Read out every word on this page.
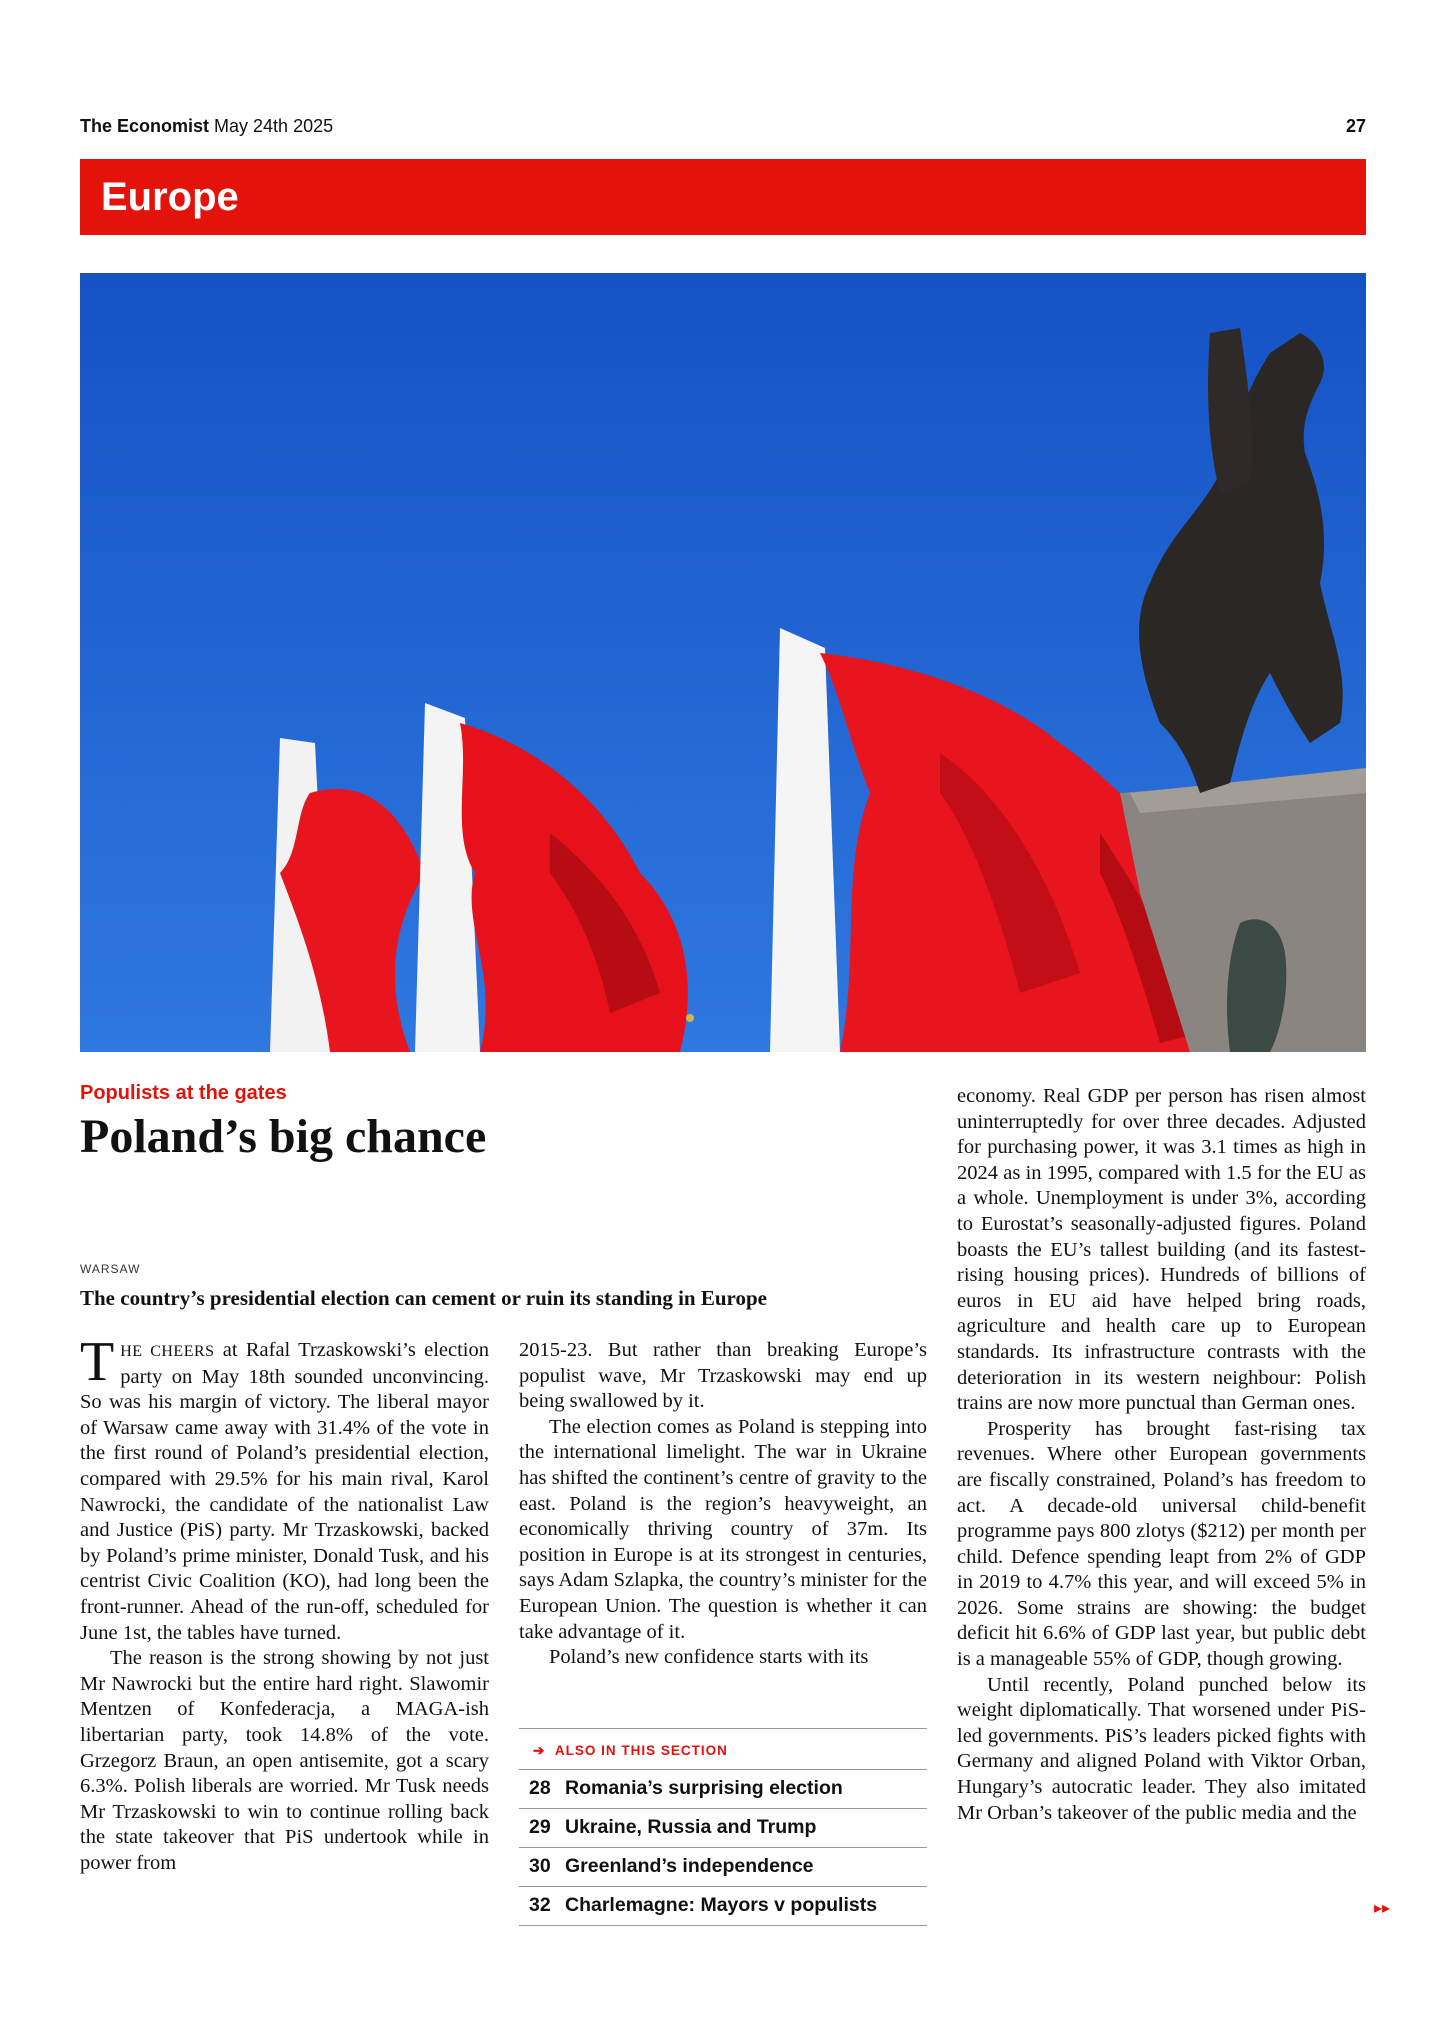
The Economist May 24th 2025	27
Europe
Populists at the gates
Poland’s big chance
WARSAW
The country’s presidential election can cement or ruin its standing in Europe

THE CHEERS at Rafal Trzaskowski’s election party on May 18th sounded unconvincing. So was his margin of victory. The liberal mayor of Warsaw came away with 31.4% of the vote in the first round of Poland’s presidential election, compared with 29.5% for his main rival, Karol Nawrocki, the candidate of the nationalist Law and Justice (PiS) party. Mr Trzaskowski, backed by Poland’s prime minister, Donald Tusk, and his centrist Civic Coalition (KO), had long been the front-runner. Ahead of the run-off, scheduled for June 1st, the tables have turned.

The reason is the strong showing by not just Mr Nawrocki but the entire hard right. Slawomir Mentzen of Konfederacja, a MAGA-ish libertarian party, took 14.8% of the vote. Grzegorz Braun, an open antisemite, got a scary 6.3%. Polish liberals are worried. Mr Tusk needs Mr Trzaskowski to win to continue rolling back the state takeover that PiS undertook while in power from

2015-23. But rather than breaking Europe’s populist wave, Mr Trzaskowski may end up being swallowed by it.

The election comes as Poland is stepping into the international limelight. The war in Ukraine has shifted the continent’s centre of gravity to the east. Poland is the region’s heavyweight, an economically thriving country of 37m. Its position in Europe is at its strongest in centuries, says Adam Szlapka, the country’s minister for the European Union. The question is whether it can take advantage of it.

Poland’s new confidence starts with its

➔ ALSO IN THIS SECTION
28 Romania’s surprising election
29 Ukraine, Russia and Trump
30 Greenland’s independence
32 Charlemagne: Mayors v populists

economy. Real GDP per person has risen almost uninterruptedly for over three decades. Adjusted for purchasing power, it was 3.1 times as high in 2024 as in 1995, compared with 1.5 for the EU as a whole. Unemployment is under 3%, according to Eurostat’s seasonally-adjusted figures. Poland boasts the EU’s tallest building (and its fastest-rising housing prices). Hundreds of billions of euros in EU aid have helped bring roads, agriculture and health care up to European standards. Its infrastructure contrasts with the deterioration in its western neighbour: Polish trains are now more punctual than German ones.

Prosperity has brought fast-rising tax revenues. Where other European governments are fiscally constrained, Poland’s has freedom to act. A decade-old universal child-benefit programme pays 800 zlotys ($212) per month per child. Defence spending leapt from 2% of GDP in 2019 to 4.7% this year, and will exceed 5% in 2026. Some strains are showing: the budget deficit hit 6.6% of GDP last year, but public debt is a manageable 55% of GDP, though growing.

Until recently, Poland punched below its weight diplomatically. That worsened under PiS-led governments. PiS’s leaders picked fights with Germany and aligned Poland with Viktor Orban, Hungary’s autocratic leader. They also imitated Mr Orban’s takeover of the public media and the

▸▸
